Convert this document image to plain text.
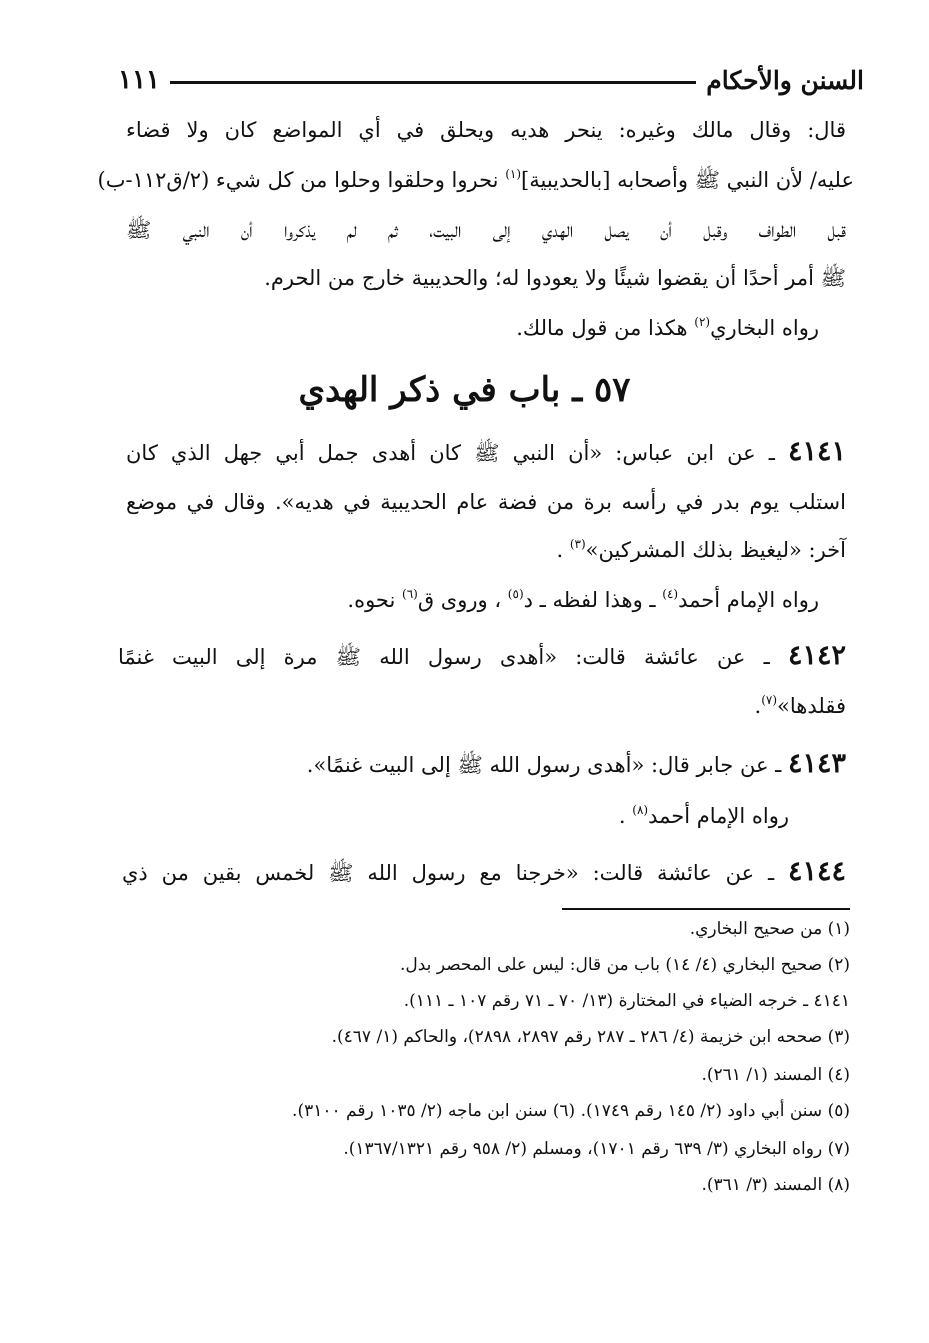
السنن والأحكام
١١١
قال: وقال مالك وغيره: ينحر هديه ويحلق في أي المواضع كان ولا قضاء
عليه/ لأن النبي ﷺ وأصحابه [بالحديبية]$^{(١)}$ نحروا وحلقوا وحلوا من كل شيء (٢/ق١١٢-ب)
قبل الطواف وقبل أن يصل الهدي إلى البيت، ثم لم يذكروا أن النبي ﷺ
ﷺ أمر أحدًا أن يقضوا شيئًا ولا يعودوا له؛ والحديبية خارج من الحرم.
رواه البخاري$^{(٢)}$ هكذا من قول مالك.
٥٧ ـ باب في ذكر الهدي
٤١٤١ ـ عن ابن عباس: «أن النبي ﷺ كان أهدى جمل أبي جهل الذي كان
استلب يوم بدر في رأسه برة من فضة عام الحديبية في هديه». وقال في موضع
آخر: «ليغيظ بذلك المشركين»$^{(٣)}$ .
رواه الإمام أحمد$^{(٤)}$ ـ وهذا لفظه ـ د$^{(٥)}$ ، وروى ق$^{(٦)}$ نحوه.
٤١٤٢ ـ عن عائشة قالت: «أهدى رسول الله ﷺ مرة إلى البيت غنمًا
فقلدها»$^{(٧)}$.
٤١٤٣ ـ عن جابر قال: «أهدى رسول الله ﷺ إلى البيت غنمًا».
رواه الإمام أحمد$^{(٨)}$ .
٤١٤٤ ـ عن عائشة قالت: «خرجنا مع رسول الله ﷺ لخمس بقين من ذي
(١) من صحيح البخاري.
(٢) صحيح البخاري (٤/ ١٤) باب من قال: ليس على المحصر بدل.
٤١٤١ ـ خرجه الضياء في المختارة (١٣/ ٧٠ ـ ٧١ رقم ١٠٧ ـ ١١١).
(٣) صححه ابن خزيمة (٤/ ٢٨٦ ـ ٢٨٧ رقم ٢٨٩٧، ٢٨٩٨)، والحاكم (١/ ٤٦٧).
(٤) المسند (١/ ٢٦١).
(٥) سنن أبي داود (٢/ ١٤٥ رقم ١٧٤٩). (٦) سنن ابن ماجه (٢/ ١٠٣٥ رقم ٣١٠٠).
(٧) رواه البخاري (٣/ ٦٣٩ رقم ١٧٠١)، ومسلم (٢/ ٩٥٨ رقم ١٣٦٧/١٣٢١).
(٨) المسند (٣/ ٣٦١).
